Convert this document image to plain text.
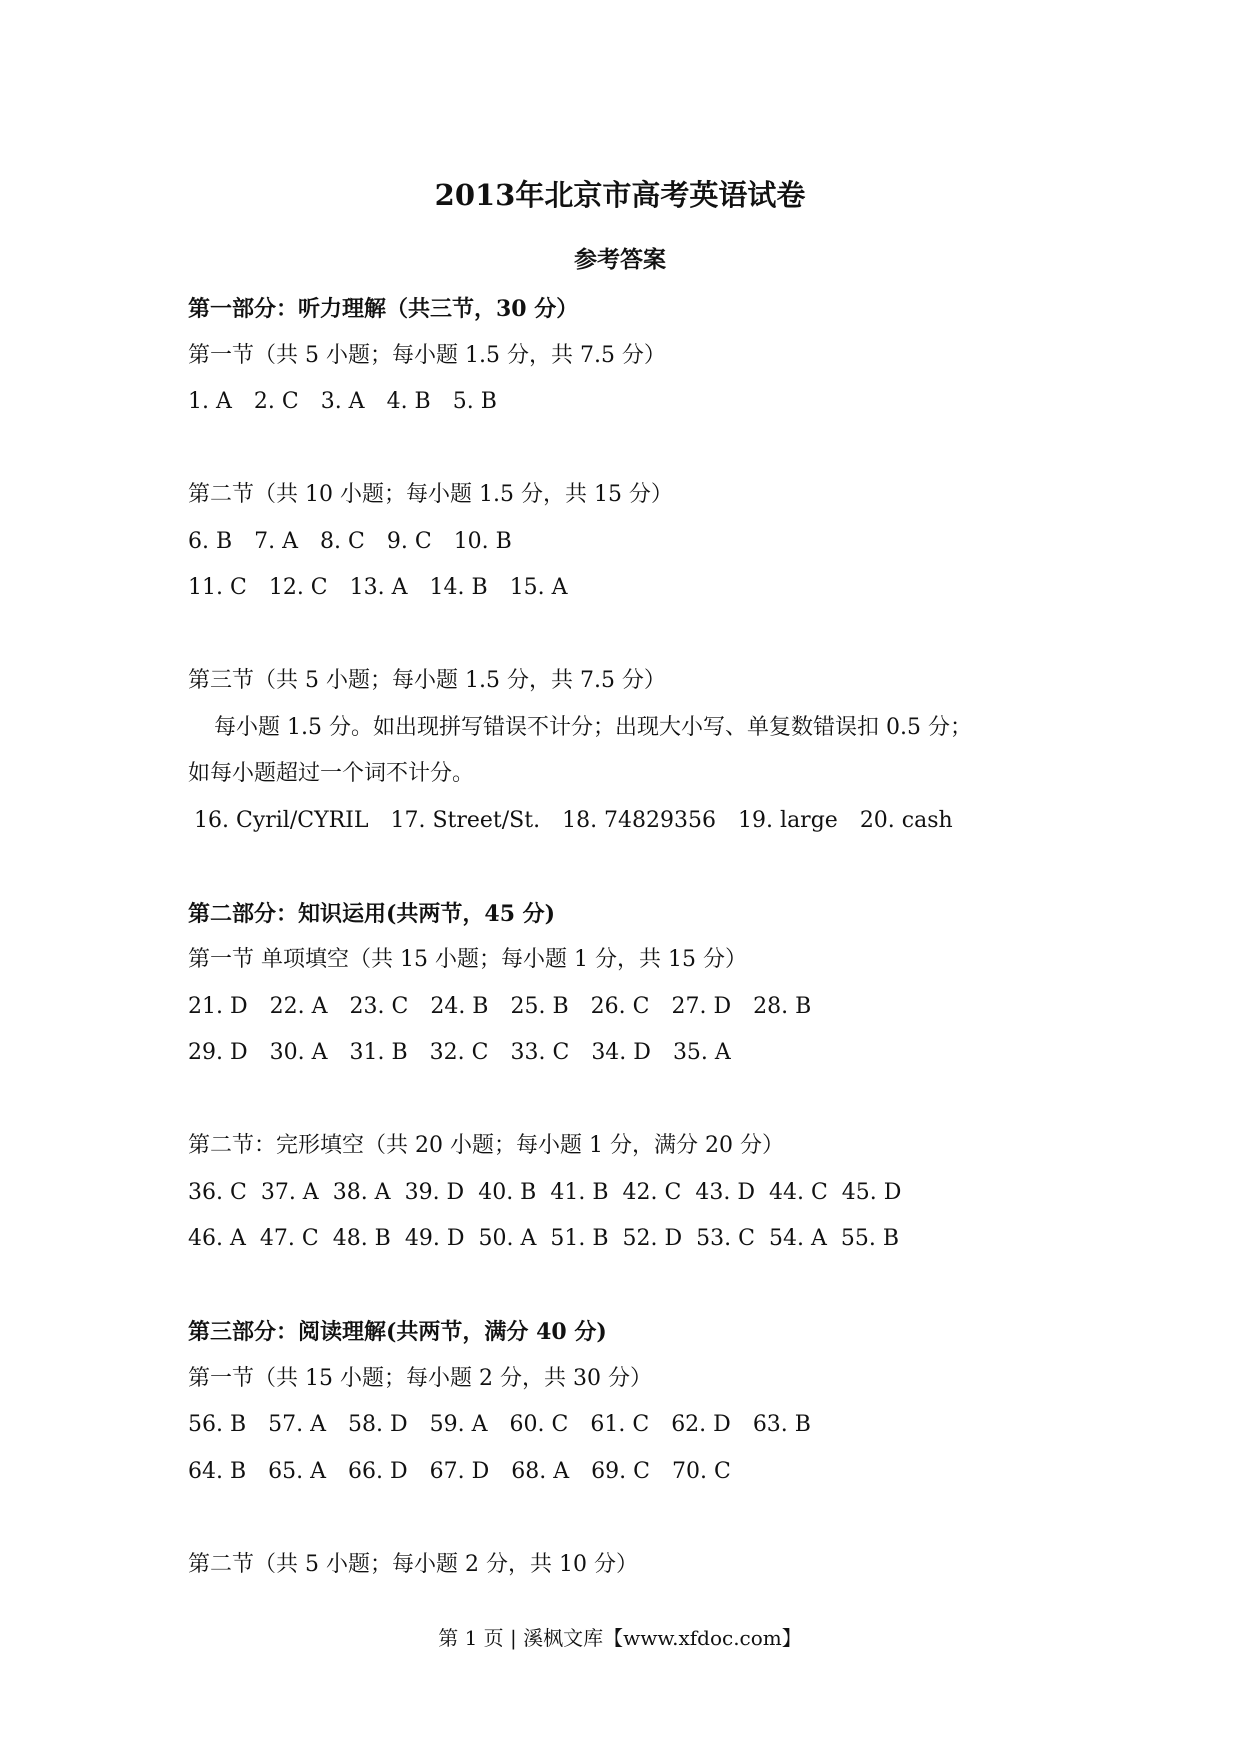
2013年北京市高考英语试卷
参考答案
第一部分：听力理解（共三节，30 分）
第一节（共 5 小题；每小题 1.5 分，共 7.5 分）
1. A 2. C 3. A 4. B 5. B
第二节（共 10 小题；每小题 1.5 分，共 15 分）
6. B 7. A 8. C 9. C 10. B
11. C 12. C 13. A 14. B 15. A
第三节（共 5 小题；每小题 1.5 分，共 7.5 分）
每小题 1.5 分。如出现拼写错误不计分；出现大小写、单复数错误扣 0.5 分；
如每小题超过一个词不计分。
16. Cyril/CYRIL 17. Street/St. 18. 74829356 19. large 20. cash
第二部分：知识运用(共两节，45 分)
第一节 单项填空（共 15 小题；每小题 1 分，共 15 分）
21. D 22. A 23. C 24. B 25. B 26. C 27. D 28. B
29. D 30. A 31. B 32. C 33. C 34. D 35. A
第二节：完形填空（共 20 小题；每小题 1 分，满分 20 分）
36. C 37. A 38. A 39. D 40. B 41. B 42. C 43. D 44. C 45. D
46. A 47. C 48. B 49. D 50. A 51. B 52. D 53. C 54. A 55. B
第三部分：阅读理解(共两节，满分 40 分)
第一节（共 15 小题；每小题 2 分，共 30 分）
56. B 57. A 58. D 59. A 60. C 61. C 62. D 63. B
64. B 65. A 66. D 67. D 68. A 69. C 70. C
第二节（共 5 小题；每小题 2 分，共 10 分）
第 1 页 | 溪枫文库【www.xfdoc.com】
